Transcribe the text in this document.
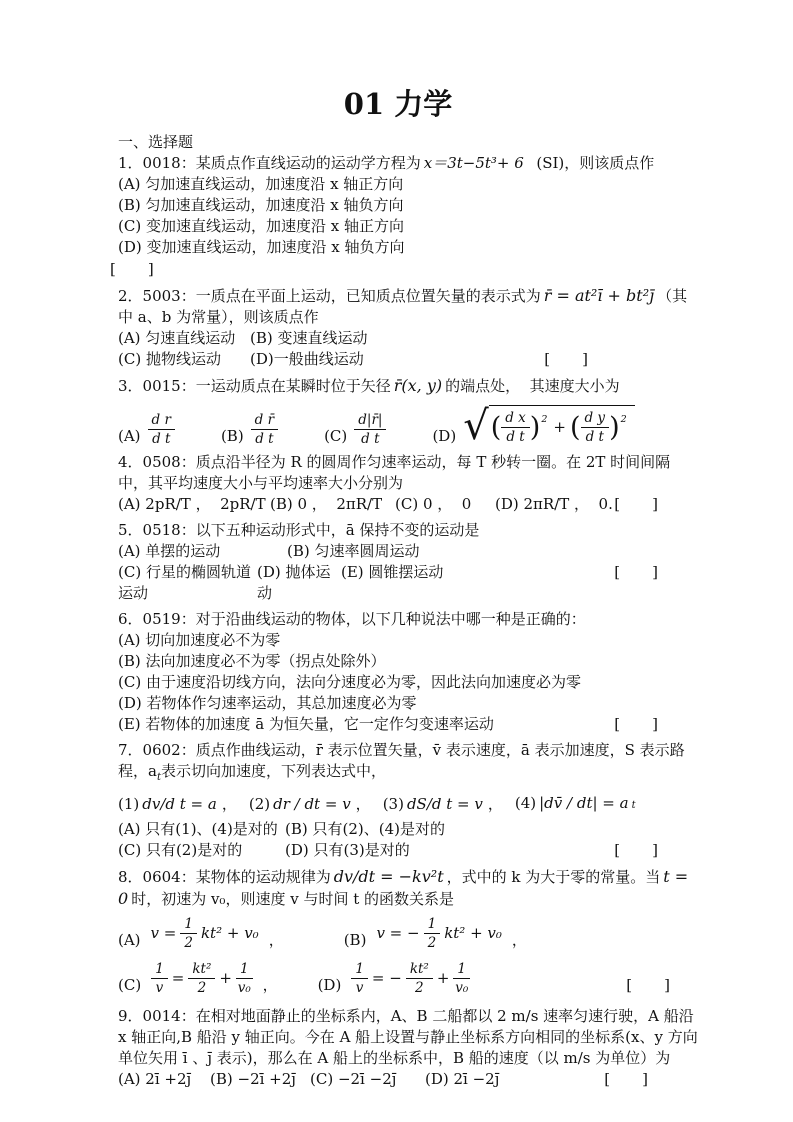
01 力学
一、选择题
1．0018：某质点作直线运动的运动学方程为 x＝3t−5t³+ 6  (SI)，则该质点作
(A) 匀加速直线运动，加速度沿 x 轴正方向
(B) 匀加速直线运动，加速度沿 x 轴负方向
(C) 变加速直线运动，加速度沿 x 轴正方向
(D) 变加速直线运动，加速度沿 x 轴负方向
[ ]
2．5003：一质点在平面上运动，已知质点位置矢量的表示式为 r̄ = at²ī + bt²j̄ （其中 a、b 为常量），则该质点作
(A) 匀速直线运动 (B) 变速直线运动
(C) 抛物线运动	(D)一般曲线运动	[ ]
3．0015：一运动质点在某瞬时位于矢径 r̄(x, y) 的端点处，  其速度大小为
$(A) \frac{\text{d r}}{\text{d t}}$	$(B) \frac{\text{d r̄}}{\text{d t}}$	$(C) \frac{d|r̄|}{\text{d t}}$	(D) √ ( $\frac{\text{d x}}{\text{d t}} )^2$ + ( $\frac{\text{d y}}{\text{d t}} )^2$
4．0508：质点沿半径为 R 的圆周作匀速率运动，每 T 秒转一圈。在 2T 时间间隔中，其平均速度大小与平均速率大小分别为
(A) 2pR/T ，  2pR/T (B) 0 ，  2πR/T (C) 0 ，  0	(D) 2πR/T ，  0. [ ]
5．0518：以下五种运动形式中，ā 保持不变的运动是
(A) 单摆的运动	(B) 匀速率圆周运动
(C) 行星的椭圆轨道运动
(D) 抛体运动
(E) 圆锥摆运动	[ ]
6．0519：对于沿曲线运动的物体，以下几种说法中哪一种是正确的：
(A) 切向加速度必不为零
(B) 法向加速度必不为零（拐点处除外）
(C) 由于速度沿切线方向，法向分速度必为零，因此法向加速度必为零
(D) 若物体作匀速率运动，其总加速度必为零
(E) 若物体的加速度 ā 为恒矢量，它一定作匀变速率运动	[ ]
7．0602：质点作曲线运动，r̄ 表示位置矢量，v̄ 表示速度，ā 表示加速度，S 表示路程，$a_t$表示切向加速度，下列表达式中，
(1) dv/d t = a ， (2) dr / dt = v ， (3) dS/d t = v ， (4) |dv̄ / dt| = a t
(A) 只有(1)、(4)是对的 (B) 只有(2)、(4)是对的
(C) 只有(2)是对的	(D) 只有(3)是对的	[ ]
8．0604：某物体的运动规律为 dv/dt = −kv²t ，式中的 k 为大于零的常量。当 t = 0 时，初速为 v₀，则速度 v 与时间 t 的函数关系是
(A) $v = \frac{1}{2} kt^2 + v_0$ ，	(B) v = − $\frac{1}{2} kt^2 + v_0$ ，
$(C) \frac{1}{v} = \frac{\text{kt²}}{2} + \frac{1}{\text{v₀}}$ ，	$(D) \frac{1}{v}$ = − $\frac{\text{kt²}}{2} + \frac{1}{\text{v₀}}$	[ ]
9．0014：在相对地面静止的坐标系内，A、B 二船都以 2 m/s 速率匀速行驶，A 船沿 x 轴正向,B 船沿 y 轴正向。今在 A 船上设置与静止坐标系方向相同的坐标系(x、y 方向单位矢用 ī 、j̄ 表示)，那么在 A 船上的坐标系中，B 船的速度（以 m/s 为单位）为
(A) 2ī +2j̄	(B) −2ī +2j̄ (C) −2ī −2j̄	(D) 2ī −2j̄	[ ]
